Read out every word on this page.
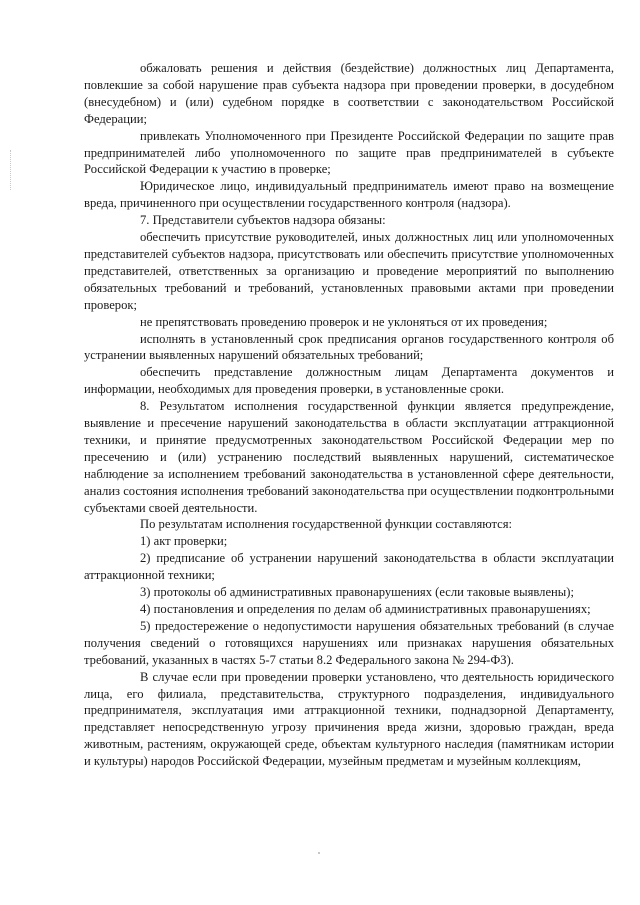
обжаловать решения и действия (бездействие) должностных лиц Департамента, повлекшие за собой нарушение прав субъекта надзора при проведении проверки, в досудебном (внесудебном) и (или) судебном порядке в соответствии с законодательством Российской Федерации;

привлекать Уполномоченного при Президенте Российской Федерации по защите прав предпринимателей либо уполномоченного по защите прав предпринимателей в субъекте Российской Федерации к участию в проверке;

Юридическое лицо, индивидуальный предприниматель имеют право на возмещение вреда, причиненного при осуществлении государственного контроля (надзора).

7. Представители субъектов надзора обязаны:

обеспечить присутствие руководителей, иных должностных лиц или уполномоченных представителей субъектов надзора, присутствовать или обеспечить присутствие уполномоченных представителей, ответственных за организацию и проведение мероприятий по выполнению обязательных требований и требований, установленных правовыми актами при проведении проверок;

не препятствовать проведению проверок и не уклоняться от их проведения;

исполнять в установленный срок предписания органов государственного контроля об устранении выявленных нарушений обязательных требований;

обеспечить представление должностным лицам Департамента документов и информации, необходимых для проведения проверки, в установленные сроки.

8. Результатом исполнения государственной функции является предупреждение, выявление и пресечение нарушений законодательства в области эксплуатации аттракционной техники, и принятие предусмотренных законодательством Российской Федерации мер по пресечению и (или) устранению последствий выявленных нарушений, систематическое наблюдение за исполнением требований законодательства в установленной сфере деятельности, анализ состояния исполнения требований законодательства при осуществлении подконтрольными субъектами своей деятельности.

По результатам исполнения государственной функции составляются:

1) акт проверки;

2) предписание об устранении нарушений законодательства в области эксплуатации аттракционной техники;

3) протоколы об административных правонарушениях (если таковые выявлены);

4) постановления и определения по делам об административных правонарушениях;

5) предостережение о недопустимости нарушения обязательных требований (в случае получения сведений о готовящихся нарушениях или признаках нарушения обязательных требований, указанных в частях 5-7 статьи 8.2 Федерального закона № 294-ФЗ).

В случае если при проведении проверки установлено, что деятельность юридического лица, его филиала, представительства, структурного подразделения, индивидуального предпринимателя, эксплуатация ими аттракционной техники, поднадзорной Департаменту, представляет непосредственную угрозу причинения вреда жизни, здоровью граждан, вреда животным, растениям, окружающей среде, объектам культурного наследия (памятникам истории и культуры) народов Российской Федерации, музейным предметам и музейным коллекциям,
